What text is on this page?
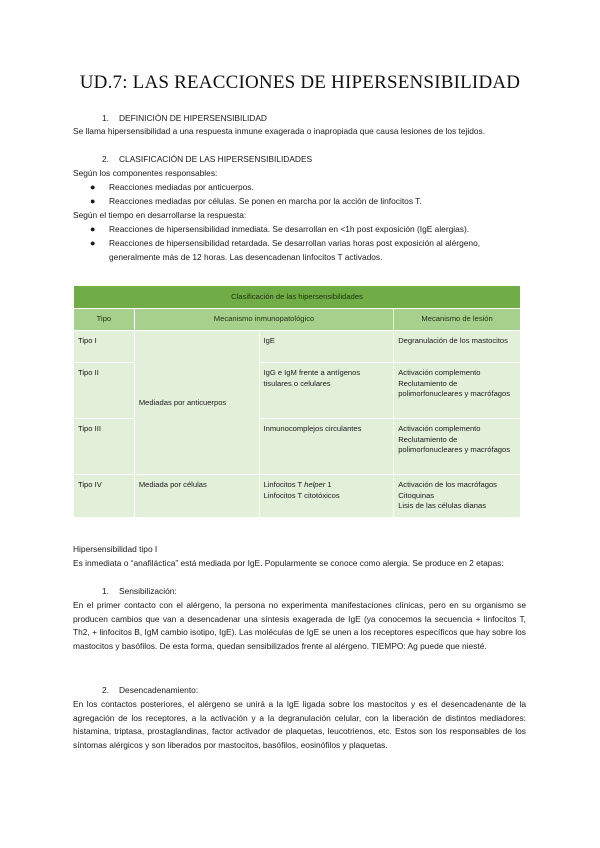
UD.7: LAS REACCIONES DE HIPERSENSIBILIDAD
1. DEFINICIÓN DE HIPERSENSIBILIDAD
Se llama hipersensibilidad a una respuesta inmune exagerada o inapropiada que causa lesiones de los tejidos.
2. CLASIFICACIÓN DE LAS HIPERSENSIBILIDADES
Según los componentes responsables:
● Reacciones mediadas por anticuerpos.
● Reacciones mediadas por células. Se ponen en marcha por la acción de linfocitos T.
Según el tiempo en desarrollarse la respuesta:
● Reacciones de hipersensibilidad inmediata. Se desarrollan en <1h post exposición (IgE alergias).
● Reacciones de hipersensibilidad retardada. Se desarrollan varias horas post exposición al alérgeno, generalmente más de 12 horas. Las desencadenan linfocitos T activados.
Clasificación de las hipersensibilidades			
Tipo	Mecanismo inmunopatológico		Mecanismo de lesión
Tipo I	Mediadas por anticuerpos	IgE	Degranulación de los mastocitos
Tipo II		IgG e IgM frente a antígenos tisulares o celulares	Activación complemento
Reclutamiento de polimorfonucleares y macrófagos
Tipo III		Inmunocomplejos circulantes	Activación complemento
Reclutamiento de polimorfonucleares y macrófagos
Tipo IV	Mediada por células	Linfocitos T helper 1
Linfocitos T citotóxicos	Activación de los macrófagos
Citoquinas
Lisis de las células dianas
Hipersensibilidad tipo I
Es inmediata o “anafiláctica” está mediada por IgE. Popularmente se conoce como alergia. Se produce en 2 etapas:
1. Sensibilización:
En el primer contacto con el alérgeno, la persona no experimenta manifestaciones clínicas, pero en su organismo se producen cambios que van a desencadenar una síntesis exagerada de IgE (ya conocemos la secuencia + linfocitos T, Th2, + linfocitos B, IgM cambio isotipo, IgE). Las moléculas de IgE se unen a los receptores específicos que hay sobre los mastocitos y basófilos. De esta forma, quedan sensibilizados frente al alérgeno. TIEMPO: Ag puede que niesté.
2. Desencadenamiento:
En los contactos posteriores, el alérgeno se unirá a la IgE ligada sobre los mastocitos y es el desencadenante de la agregación de los receptores, a la activación y a la degranulación celular, con la liberación de distintos mediadores: histamina, triptasa, prostaglandinas, factor activador de plaquetas, leucotrienos, etc. Estos son los responsables de los síntomas alérgicos y son liberados por mastocitos, basófilos, eosinófilos y plaquetas.
